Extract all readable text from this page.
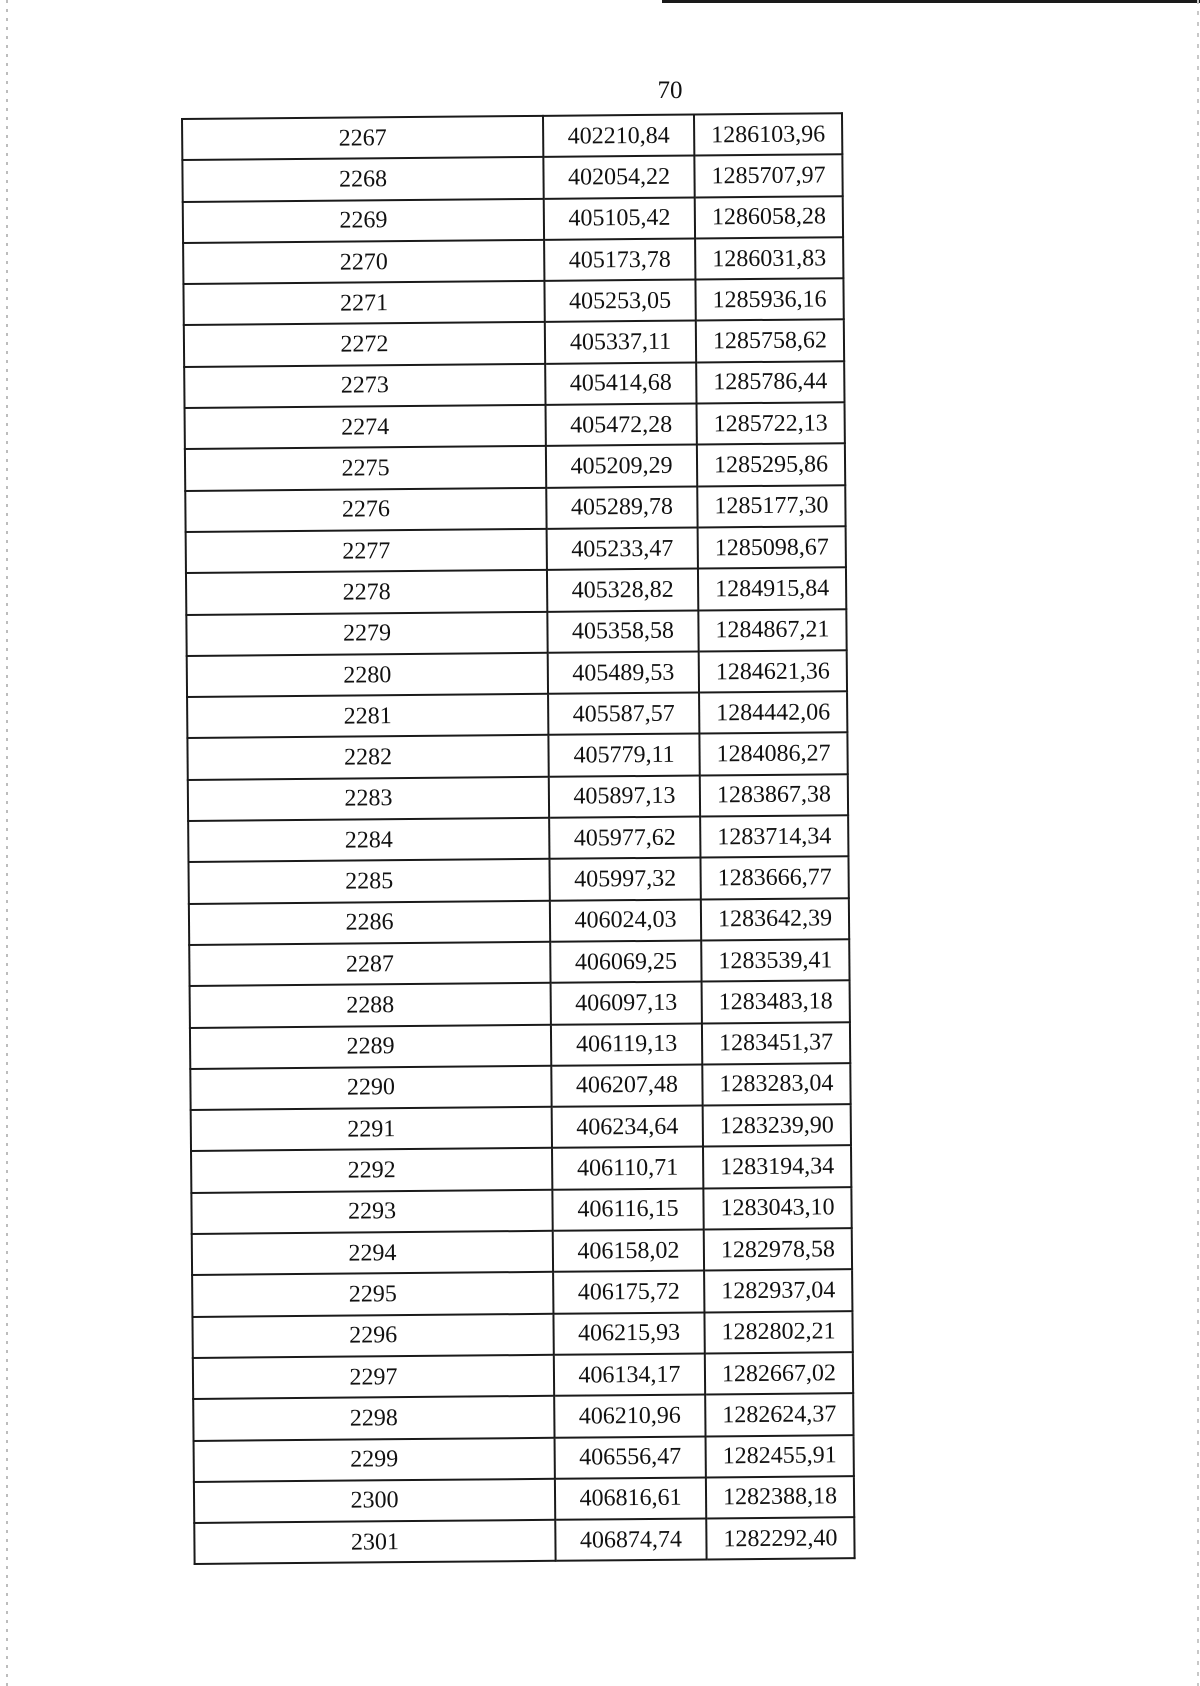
70
2267	402210,84	1286103,96
2268	402054,22	1285707,97
2269	405105,42	1286058,28
2270	405173,78	1286031,83
2271	405253,05	1285936,16
2272	405337,11	1285758,62
2273	405414,68	1285786,44
2274	405472,28	1285722,13
2275	405209,29	1285295,86
2276	405289,78	1285177,30
2277	405233,47	1285098,67
2278	405328,82	1284915,84
2279	405358,58	1284867,21
2280	405489,53	1284621,36
2281	405587,57	1284442,06
2282	405779,11	1284086,27
2283	405897,13	1283867,38
2284	405977,62	1283714,34
2285	405997,32	1283666,77
2286	406024,03	1283642,39
2287	406069,25	1283539,41
2288	406097,13	1283483,18
2289	406119,13	1283451,37
2290	406207,48	1283283,04
2291	406234,64	1283239,90
2292	406110,71	1283194,34
2293	406116,15	1283043,10
2294	406158,02	1282978,58
2295	406175,72	1282937,04
2296	406215,93	1282802,21
2297	406134,17	1282667,02
2298	406210,96	1282624,37
2299	406556,47	1282455,91
2300	406816,61	1282388,18
2301	406874,74	1282292,40
